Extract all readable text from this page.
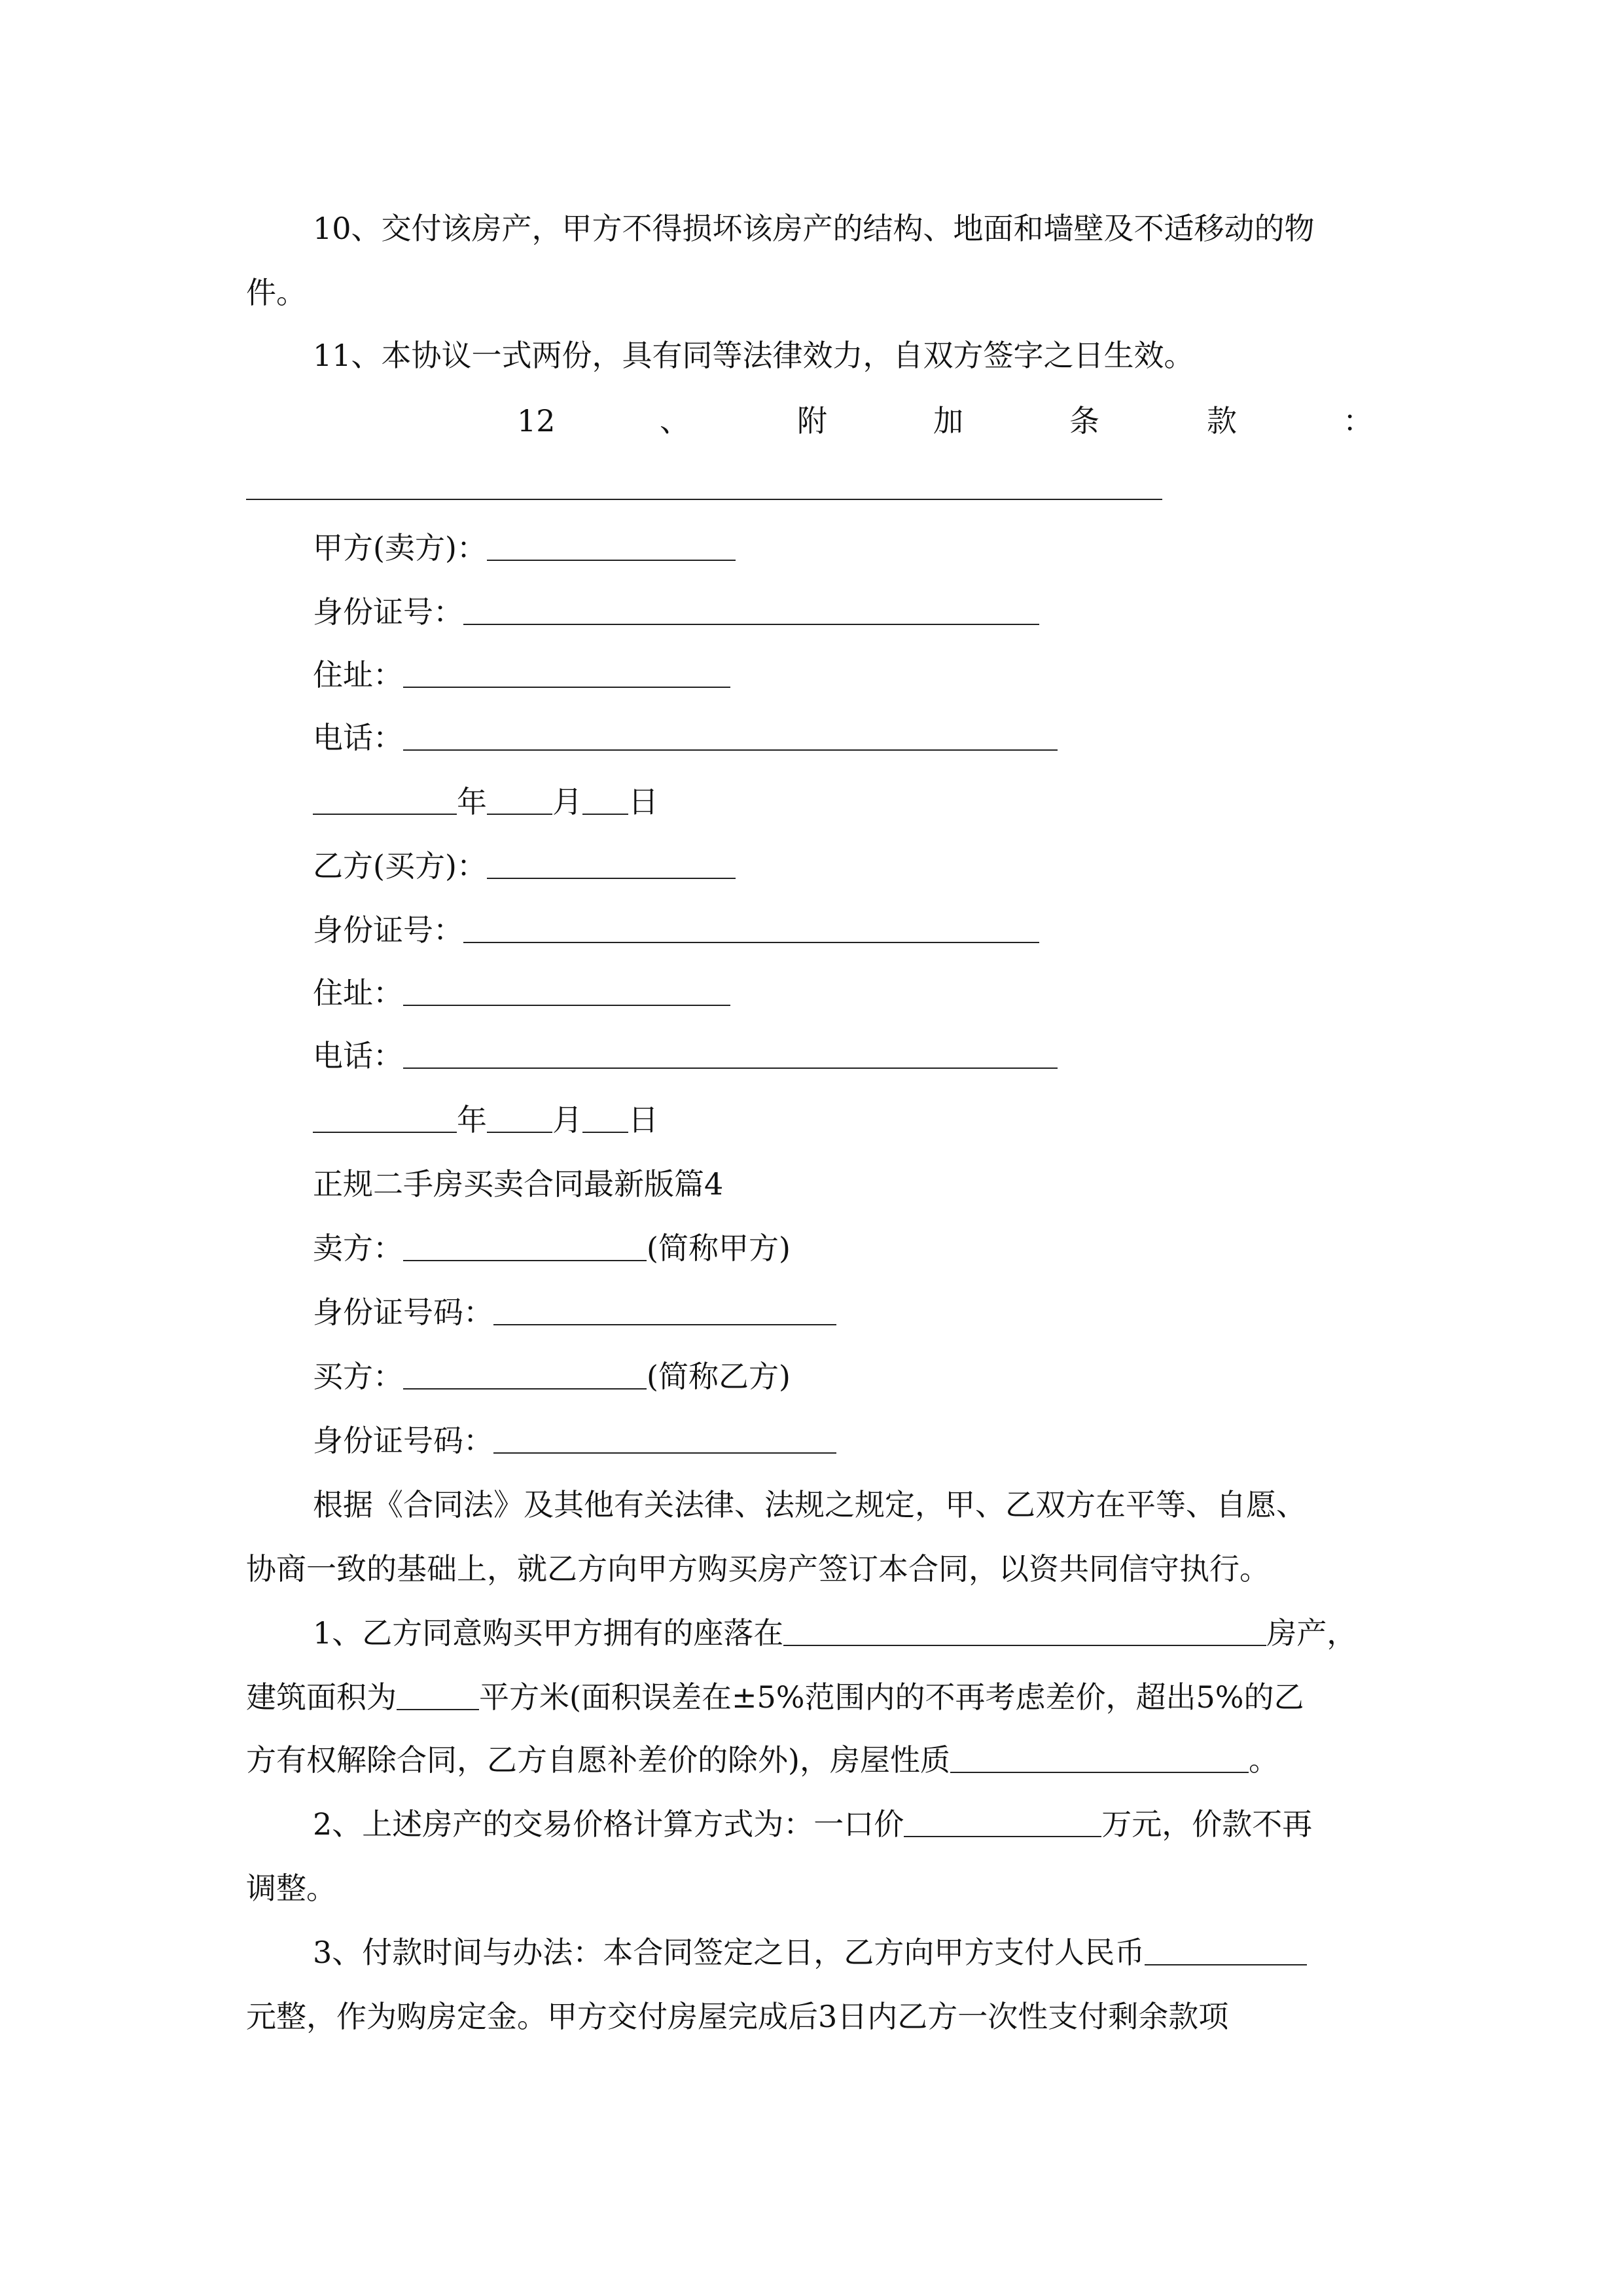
10、交付该房产，甲方不得损坏该房产的结构、地面和墙壁及不适移动的物

件。

11、本协议一式两份，具有同等法律效力，自双方签字之日生效。

12	、	附	加	条	款	：

甲方(卖方)：

身份证号：

住址：

电话：

年 月 日

乙方(买方)：

身份证号：

住址：

电话：

年 月 日

正规二手房买卖合同最新版篇4

卖方：	(简称甲方)

身份证号码：

买方：	(简称乙方)

身份证号码：

根据《合同法》及其他有关法律、法规之规定，甲、乙双方在平等、自愿、

协商一致的基础上，就乙方向甲方购买房产签订本合同，以资共同信守执行。

1、乙方同意购买甲方拥有的座落在	房产，

建筑面积为	平方米(面积误差在±5%范围内的不再考虑差价，超出5%的乙

方有权解除合同，乙方自愿补差价的除外)，房屋性质	。

2、上述房产的交易价格计算方式为：一口价	万元，价款不再

调整。

3、付款时间与办法：本合同签定之日，乙方向甲方支付人民币

元整，作为购房定金。甲方交付房屋完成后3日内乙方一次性支付剩余款项
